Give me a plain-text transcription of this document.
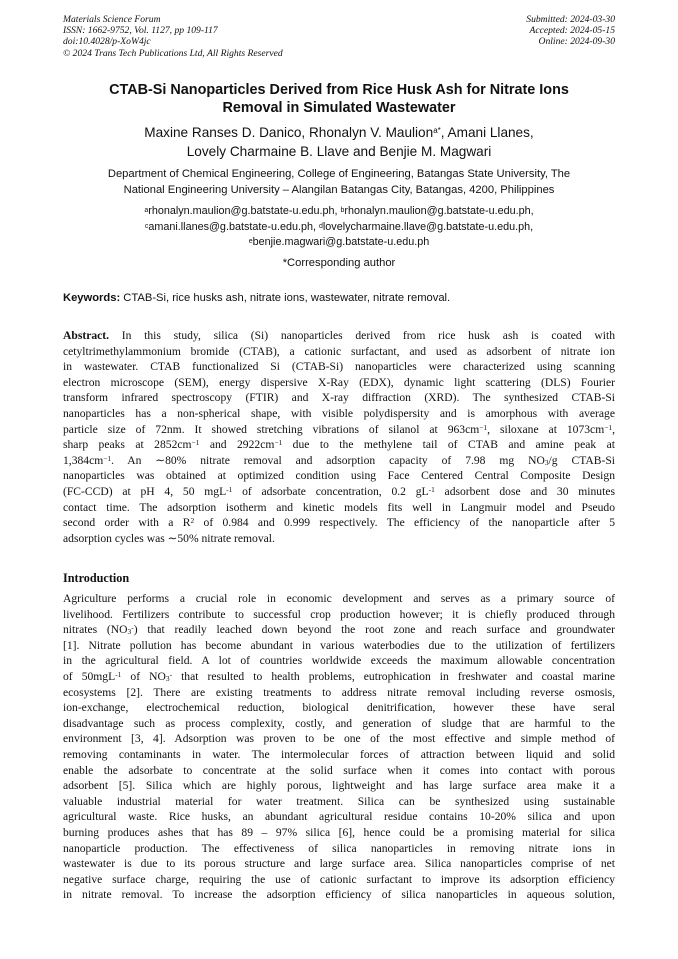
Materials Science Forum
ISSN: 1662-9752, Vol. 1127, pp 109-117
doi:10.4028/p-XoW4jc
© 2024 Trans Tech Publications Ltd, All Rights Reserved
Submitted: 2024-03-30
Accepted: 2024-05-15
Online: 2024-09-30
CTAB-Si Nanoparticles Derived from Rice Husk Ash for Nitrate Ions
Removal in Simulated Wastewater
Maxine Ranses D. Danico, Rhonalyn V. Maulion$^{a*}$, Amani Llanes,
Lovely Charmaine B. Llave and Benjie M. Magwari
Department of Chemical Engineering, College of Engineering, Batangas State University, The
National Engineering University – Alangilan Batangas City, Batangas, 4200, Philippines
$^a$rhonalyn.maulion@g.batstate-u.edu.ph, $^b$rhonalyn.maulion@g.batstate-u.edu.ph,
$^c$amani.llanes@g.batstate-u.edu.ph, $^d$lovelycharmaine.llave@g.batstate-u.edu.ph,
$^e$benjie.magwari@g.batstate-u.edu.ph
*Corresponding author
Keywords: CTAB-Si, rice husks ash, nitrate ions, wastewater, nitrate removal.
Abstract. In this study, silica (Si) nanoparticles derived from rice husk ash is coated with
cetyltrimethylammonium bromide (CTAB), a cationic surfactant, and used as adsorbent of nitrate ion
in wastewater. CTAB functionalized Si (CTAB-Si) nanoparticles were characterized using scanning
electron microscope (SEM), energy dispersive X-Ray (EDX), dynamic light scattering (DLS) Fourier
transform infrared spectroscopy (FTIR) and X-ray diffraction (XRD). The synthesized CTAB-Si
nanoparticles has a non-spherical shape, with visible polydispersity and is amorphous with average
particle size of 72nm. It showed stretching vibrations of silanol at $963cm^{-1}$, siloxane at $1073cm^{-1}$,
sharp peaks at $2852cm^{-1}$ and $2922cm^{-1}$ due to the methylene tail of CTAB and amine peak at
$1,384cm^{-1}$. An ∼80% nitrate removal and adsorption capacity of 7.98 mg $NO_3/g$ CTAB-Si
nanoparticles was obtained at optimized condition using Face Centered Central Composite Design
(FC-CCD) at pH 4, 50 mgL$^{-1}$ of adsorbate concentration, 0.2 $gL^{-1}$ adsorbent dose and 30 minutes
contact time. The adsorption isotherm and kinetic models fits well in Langmuir model and Pseudo
second order with a $R^2$ of 0.984 and 0.999 respectively. The efficiency of the nanoparticle after 5
adsorption cycles was ∼50% nitrate removal.
Introduction
Agriculture performs a crucial role in economic development and serves as a primary source of
livelihood. Fertilizers contribute to successful crop production however; it is chiefly produced through
nitrates $(NO_3^-)$ that readily leached down beyond the root zone and reach surface and groundwater
[1]. Nitrate pollution has become abundant in various waterbodies due to the utilization of fertilizers
in the agricultural field. A lot of countries worldwide exceeds the maximum allowable concentration
of 50mgL$^{-1}$ of $NO_3^-$ that resulted to health problems, eutrophication in freshwater and coastal marine
ecosystems [2]. There are existing treatments to address nitrate removal including reverse osmosis,
ion-exchange, electrochemical reduction, biological denitrification, however these have seral
disadvantage such as process complexity, costly, and generation of sludge that are harmful to the
environment [3, 4]. Adsorption was proven to be one of the most effective and simple method of
removing contaminants in water. The intermolecular forces of attraction between liquid and solid
enable the adsorbate to concentrate at the solid surface when it comes into contact with porous
adsorbent [5]. Silica which are highly porous, lightweight and has large surface area make it a
valuable industrial material for water treatment. Silica can be synthesized using sustainable
agricultural waste. Rice husks, an abundant agricultural residue contains 10-20% silica and upon
burning produces ashes that has 89 – 97% silica [6], hence could be a promising material for silica
nanoparticle production. The effectiveness of silica nanoparticles in removing nitrate ions in
wastewater is due to its porous structure and large surface area. Silica nanoparticles comprise of net
negative surface charge, requiring the use of cationic surfactant to improve its adsorption efficiency
in nitrate removal. To increase the adsorption efficiency of silica nanoparticles in aqueous solution,
